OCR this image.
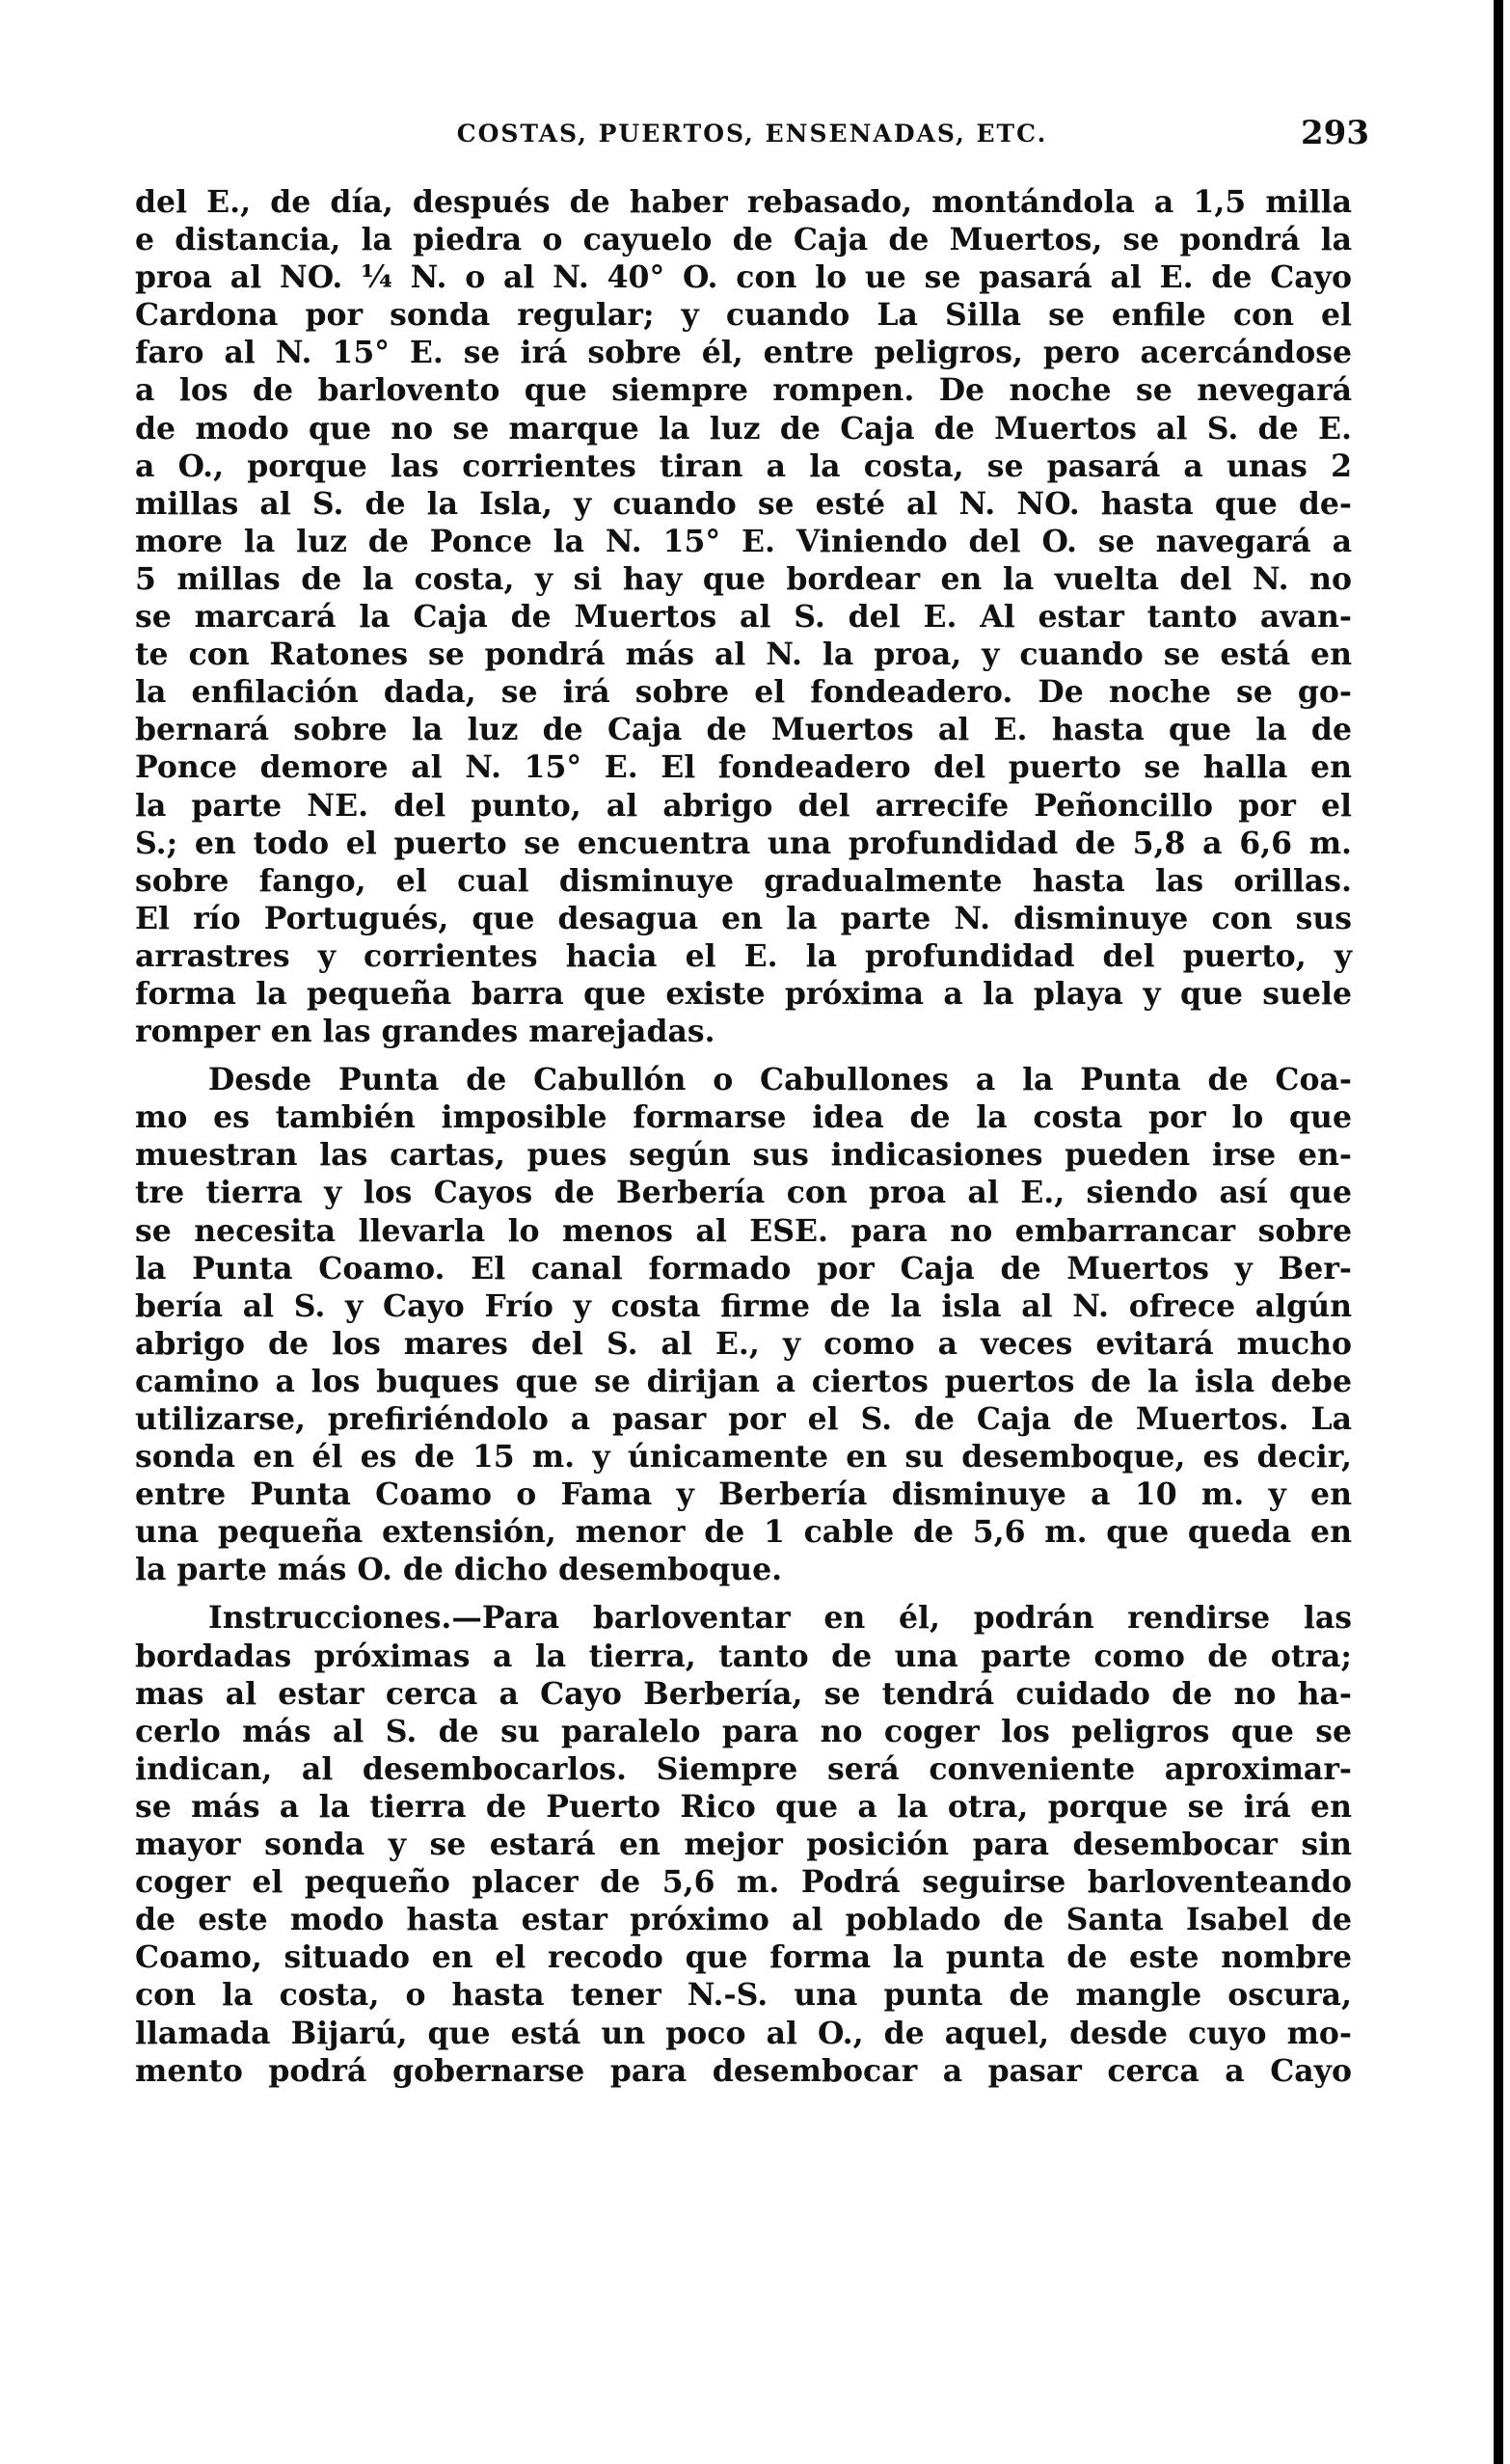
COSTAS, PUERTOS, ENSENADAS, ETC.	293
del E., de día, después de haber rebasado, montándola a 1,5 milla
e distancia, la piedra o cayuelo de Caja de Muertos, se pondrá la
proa al NO. ¼ N. o al N. 40° O. con lo ue se pasará al E. de Cayo
Cardona por sonda regular; y cuando La Silla se enfile con el
faro al N. 15° E. se irá sobre él, entre peligros, pero acercándose
a los de barlovento que siempre rompen. De noche se nevegará
de modo que no se marque la luz de Caja de Muertos al S. de E.
a O., porque las corrientes tiran a la costa, se pasará a unas 2
millas al S. de la Isla, y cuando se esté al N. NO. hasta que de-
more la luz de Ponce la N. 15° E. Viniendo del O. se navegará a
5 millas de la costa, y si hay que bordear en la vuelta del N. no
se marcará la Caja de Muertos al S. del E. Al estar tanto avan-
te con Ratones se pondrá más al N. la proa, y cuando se está en
la enfilación dada, se irá sobre el fondeadero. De noche se go-
bernará sobre la luz de Caja de Muertos al E. hasta que la de
Ponce demore al N. 15° E. El fondeadero del puerto se halla en
la parte NE. del punto, al abrigo del arrecife Peñoncillo por el
S.; en todo el puerto se encuentra una profundidad de 5,8 a 6,6 m.
sobre fango, el cual disminuye gradualmente hasta las orillas.
El río Portugués, que desagua en la parte N. disminuye con sus
arrastres y corrientes hacia el E. la profundidad del puerto, y
forma la pequeña barra que existe próxima a la playa y que suele
romper en las grandes marejadas.
Desde Punta de Cabullón o Cabullones a la Punta de Coa-
mo es también imposible formarse idea de la costa por lo que
muestran las cartas, pues según sus indicasiones pueden irse en-
tre tierra y los Cayos de Berbería con proa al E., siendo así que
se necesita llevarla lo menos al ESE. para no embarrancar sobre
la Punta Coamo. El canal formado por Caja de Muertos y Ber-
bería al S. y Cayo Frío y costa firme de la isla al N. ofrece algún
abrigo de los mares del S. al E., y como a veces evitará mucho
camino a los buques que se dirijan a ciertos puertos de la isla debe
utilizarse, prefiriéndolo a pasar por el S. de Caja de Muertos. La
sonda en él es de 15 m. y únicamente en su desemboque, es decir,
entre Punta Coamo o Fama y Berbería disminuye a 10 m. y en
una pequeña extensión, menor de 1 cable de 5,6 m. que queda en
la parte más O. de dicho desemboque.
Instrucciones.—Para barloventar en él, podrán rendirse las
bordadas próximas a la tierra, tanto de una parte como de otra;
mas al estar cerca a Cayo Berbería, se tendrá cuidado de no ha-
cerlo más al S. de su paralelo para no coger los peligros que se
indican, al desembocarlos. Siempre será conveniente aproximar-
se más a la tierra de Puerto Rico que a la otra, porque se irá en
mayor sonda y se estará en mejor posición para desembocar sin
coger el pequeño placer de 5,6 m. Podrá seguirse barloventeando
de este modo hasta estar próximo al poblado de Santa Isabel de
Coamo, situado en el recodo que forma la punta de este nombre
con la costa, o hasta tener N.-S. una punta de mangle oscura,
llamada Bijarú, que está un poco al O., de aquel, desde cuyo mo-
mento podrá gobernarse para desembocar a pasar cerca a Cayo
